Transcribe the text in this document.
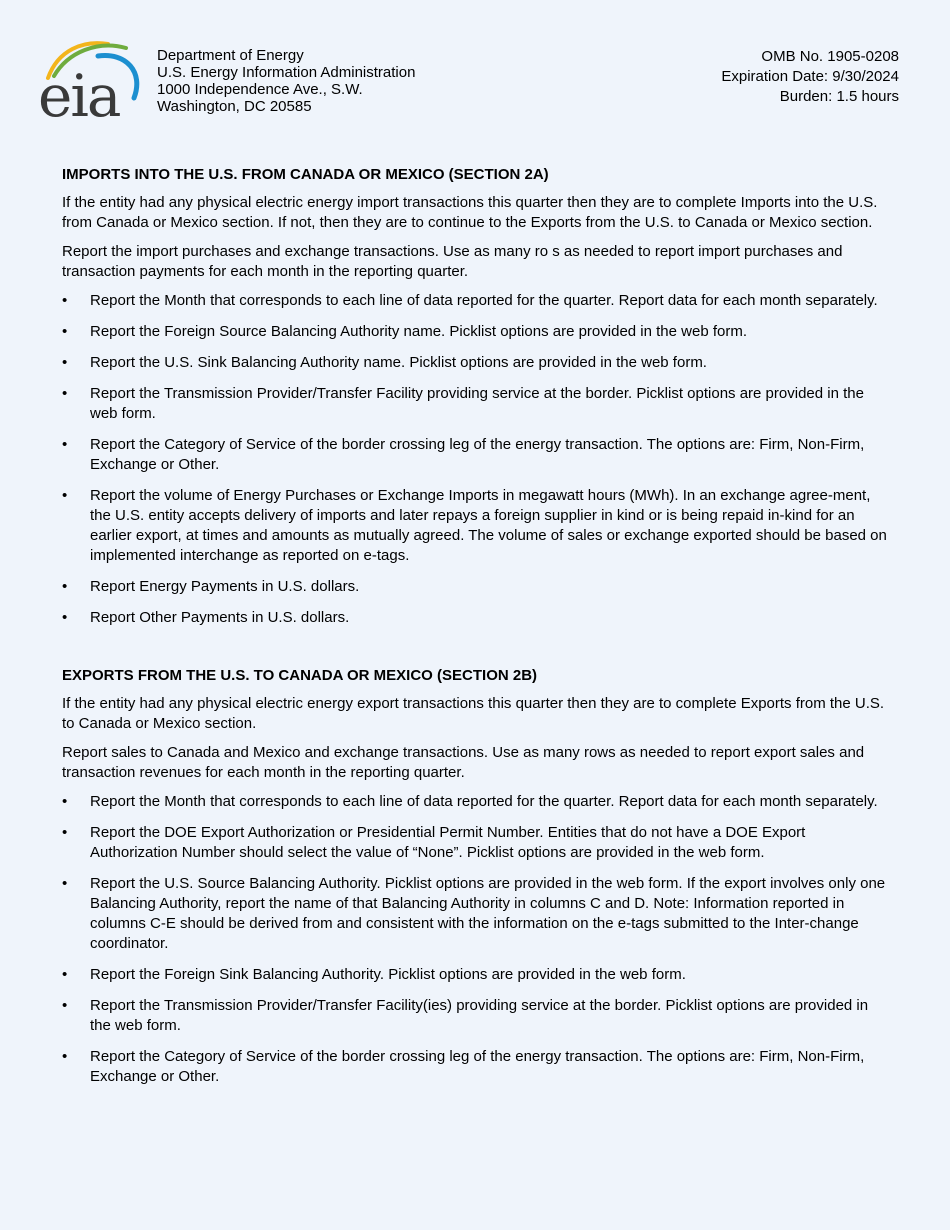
eia
Department of Energy
U.S. Energy Information Administration
1000 Independence Ave., S.W.
Washington, DC 20585
OMB No. 1905-0208
Expiration Date: 9/30/2024
Burden: 1.5 hours
IMPORTS INTO THE U.S. FROM CANADA OR MEXICO (SECTION 2A)

If the entity had any physical electric energy import transactions this quarter then they are to complete Imports into the U.S. from Canada or Mexico section. If not, then they are to continue to the Exports from the U.S. to Canada or Mexico section.

Report the import purchases and exchange transactions. Use as many ro s as needed to report import purchases and transaction payments for each month in the reporting quarter.

• Report the Month that corresponds to each line of data reported for the quarter. Report data for each month separately.
• Report the Foreign Source Balancing Authority name. Picklist options are provided in the web form.
• Report the U.S. Sink Balancing Authority name. Picklist options are provided in the web form.
• Report the Transmission Provider/Transfer Facility providing service at the border. Picklist options are provided in the web form.
• Report the Category of Service of the border crossing leg of the energy transaction. The options are: Firm, Non-Firm, Exchange or Other.
• Report the volume of Energy Purchases or Exchange Imports in megawatt hours (MWh). In an exchange agree-ment, the U.S. entity accepts delivery of imports and later repays a foreign supplier in kind or is being repaid in-kind for an earlier export, at times and amounts as mutually agreed. The volume of sales or exchange exported should be based on implemented interchange as reported on e-tags.
• Report Energy Payments in U.S. dollars.
• Report Other Payments in U.S. dollars.
EXPORTS FROM THE U.S. TO CANADA OR MEXICO (SECTION 2B)

If the entity had any physical electric energy export transactions this quarter then they are to complete Exports from the U.S. to Canada or Mexico section.

Report sales to Canada and Mexico and exchange transactions. Use as many rows as needed to report export sales and transaction revenues for each month in the reporting quarter.

• Report the Month that corresponds to each line of data reported for the quarter. Report data for each month separately.
• Report the DOE Export Authorization or Presidential Permit Number. Entities that do not have a DOE Export Authorization Number should select the value of “None”. Picklist options are provided in the web form.
• Report the U.S. Source Balancing Authority. Picklist options are provided in the web form. If the export involves only one Balancing Authority, report the name of that Balancing Authority in columns C and D. Note: Information reported in columns C-E should be derived from and consistent with the information on the e-tags submitted to the Inter-change coordinator.
• Report the Foreign Sink Balancing Authority. Picklist options are provided in the web form.
• Report the Transmission Provider/Transfer Facility(ies) providing service at the border. Picklist options are provided in the web form.
• Report the Category of Service of the border crossing leg of the energy transaction. The options are: Firm, Non-Firm, Exchange or Other.
